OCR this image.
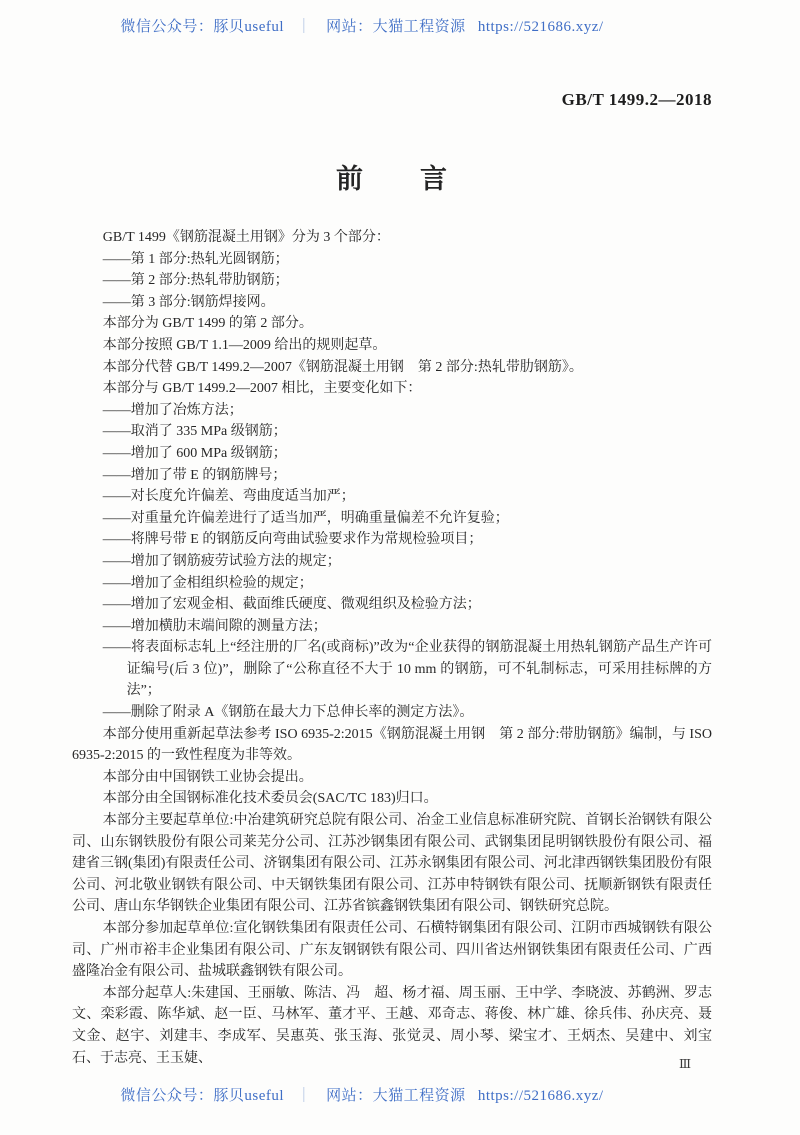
微信公众号：豚贝useful ｜ 网站：大猫工程资源 https://521686.xyz/
GB/T 1499.2—2018
前　　言

GB/T 1499《钢筋混凝土用钢》分为 3 个部分：

——第 1 部分:热轧光圆钢筋；

——第 2 部分:热轧带肋钢筋；

——第 3 部分:钢筋焊接网。

本部分为 GB/T 1499 的第 2 部分。

本部分按照 GB/T 1.1—2009 给出的规则起草。

本部分代替 GB/T 1499.2—2007《钢筋混凝土用钢　第 2 部分:热轧带肋钢筋》。

本部分与 GB/T 1499.2—2007 相比，主要变化如下：

——增加了冶炼方法；

——取消了 335 MPa 级钢筋；

——增加了 600 MPa 级钢筋；

——增加了带 E 的钢筋牌号；

——对长度允许偏差、弯曲度适当加严；

——对重量允许偏差进行了适当加严，明确重量偏差不允许复验；

——将牌号带 E 的钢筋反向弯曲试验要求作为常规检验项目；

——增加了钢筋疲劳试验方法的规定；

——增加了金相组织检验的规定；

——增加了宏观金相、截面维氏硬度、微观组织及检验方法；

——增加横肋末端间隙的测量方法；

——将表面标志轧上“经注册的厂名(或商标)”改为“企业获得的钢筋混凝土用热轧钢筋产品生产许可证编号(后 3 位)”，删除了“公称直径不大于 10 mm 的钢筋，可不轧制标志，可采用挂标牌的方法”；

——删除了附录 A《钢筋在最大力下总伸长率的测定方法》。

本部分使用重新起草法参考 ISO 6935-2:2015《钢筋混凝土用钢　第 2 部分:带肋钢筋》编制，与 ISO 6935-2:2015 的一致性程度为非等效。

本部分由中国钢铁工业协会提出。

本部分由全国钢标准化技术委员会(SAC/TC 183)归口。

本部分主要起草单位:中冶建筑研究总院有限公司、冶金工业信息标准研究院、首钢长治钢铁有限公司、山东钢铁股份有限公司莱芜分公司、江苏沙钢集团有限公司、武钢集团昆明钢铁股份有限公司、福建省三钢(集团)有限责任公司、济钢集团有限公司、江苏永钢集团有限公司、河北津西钢铁集团股份有限公司、河北敬业钢铁有限公司、中天钢铁集团有限公司、江苏申特钢铁有限公司、抚顺新钢铁有限责任公司、唐山东华钢铁企业集团有限公司、江苏省镔鑫钢铁集团有限公司、钢铁研究总院。

本部分参加起草单位:宣化钢铁集团有限责任公司、石横特钢集团有限公司、江阴市西城钢铁有限公司、广州市裕丰企业集团有限公司、广东友钢钢铁有限公司、四川省达州钢铁集团有限责任公司、广西盛隆冶金有限公司、盐城联鑫钢铁有限公司。

本部分起草人:朱建国、王丽敏、陈洁、冯　超、杨才福、周玉丽、王中学、李晓波、苏鹤洲、罗志文、栾彩霞、陈华斌、赵一臣、马林军、董才平、王越、邓奇志、蒋俊、林广雄、徐兵伟、孙庆亮、聂文金、赵宇、刘建丰、李成军、吴惠英、张玉海、张觉灵、周小琴、梁宝才、王炳杰、吴建中、刘宝石、于志亮、王玉婕、	Ⅲ
微信公众号：豚贝useful ｜ 网站：大猫工程资源 https://521686.xyz/
